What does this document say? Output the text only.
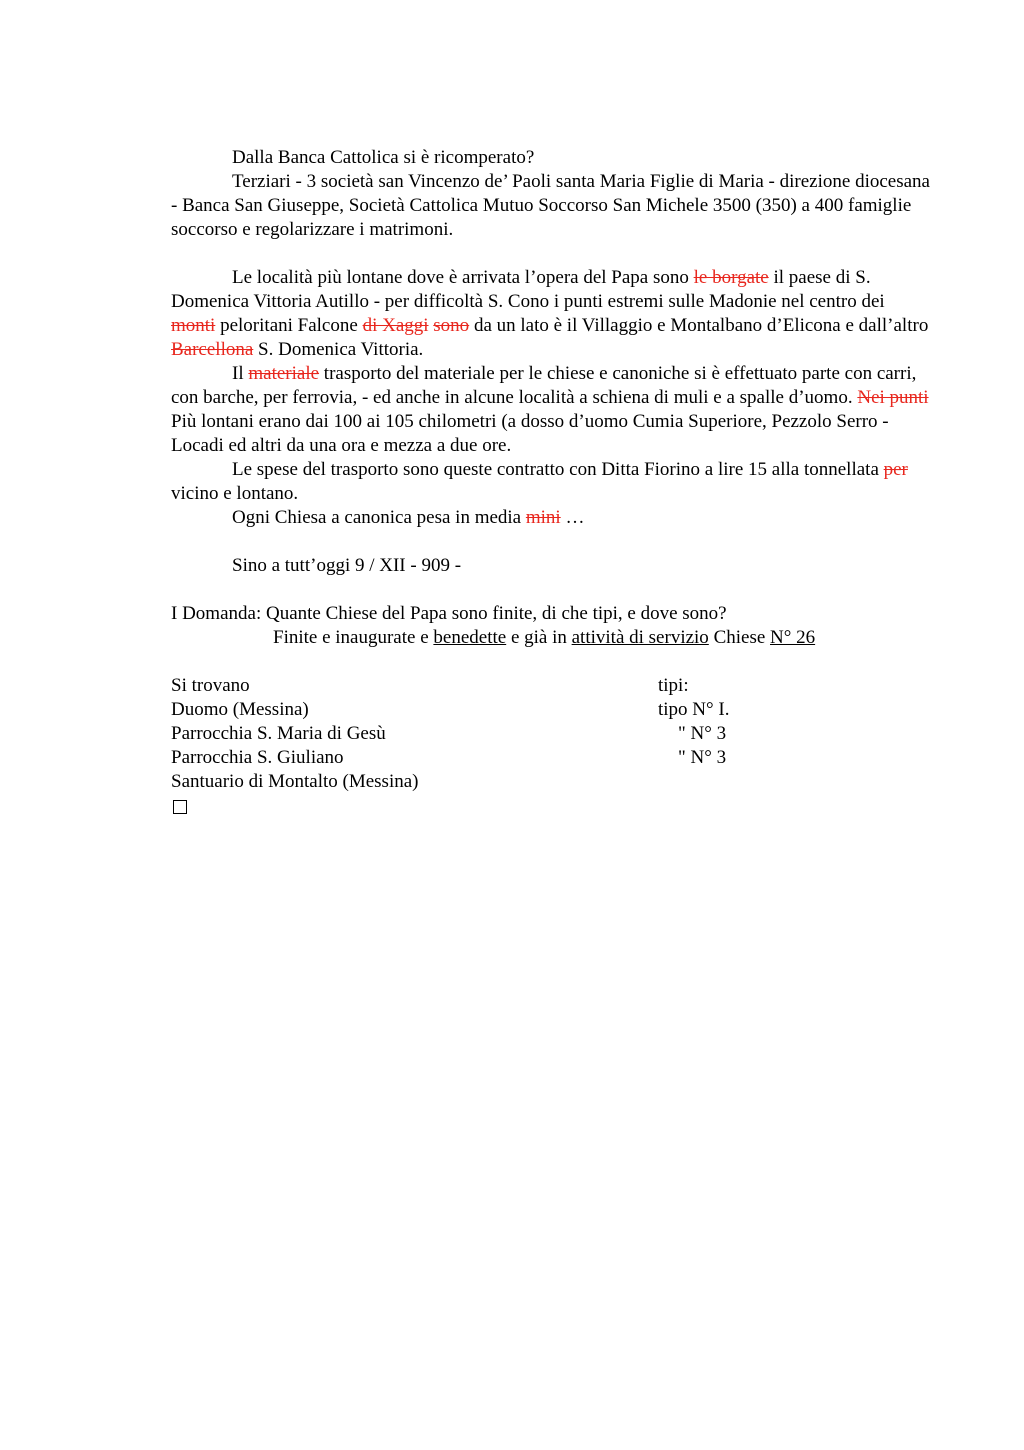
Dalla Banca Cattolica si è ricomperato?

Terziari - 3 società san Vincenzo de’ Paoli santa Maria Figlie di Maria - direzione diocesana - Banca San Giuseppe, Società Cattolica Mutuo Soccorso San Michele 3500 (350) a 400 famiglie soccorso e regolarizzare i matrimoni.

Le località più lontane dove è arrivata l’opera del Papa sono le borgate il paese di S. Domenica Vittoria Autillo - per difficoltà S. Cono i punti estremi sulle Madonie nel centro dei monti peloritani Falcone di Xaggi sono da un lato è il Villaggio e Montalbano d’Elicona e dall’altro Barcellona S. Domenica Vittoria.

Il materiale trasporto del materiale per le chiese e canoniche si è effettuato parte con carri, con barche, per ferrovia, - ed anche in alcune località a schiena di muli e a spalle d’uomo. Nei punti Più lontani erano dai 100 ai 105 chilometri (a dosso d’uomo Cumia Superiore, Pezzolo Serro - Locadi ed altri da una ora e mezza a due ore.

Le spese del trasporto sono queste contratto con Ditta Fiorino a lire 15 alla tonnellata per vicino e lontano.

Ogni Chiesa a canonica pesa in media mini …

Sino a tutt’oggi 9 / XII - 909 -

I Domanda: Quante Chiese del Papa sono finite, di che tipi, e dove sono?

Finite e inaugurate e benedette e già in attività di servizio Chiese N° 26

Si trovano	tipi:
Duomo (Messina)	tipo N° I.
Parrocchia S. Maria di Gesù	" N° 3
Parrocchia S. Giuliano	" N° 3
Santuario di Montalto (Messina)
